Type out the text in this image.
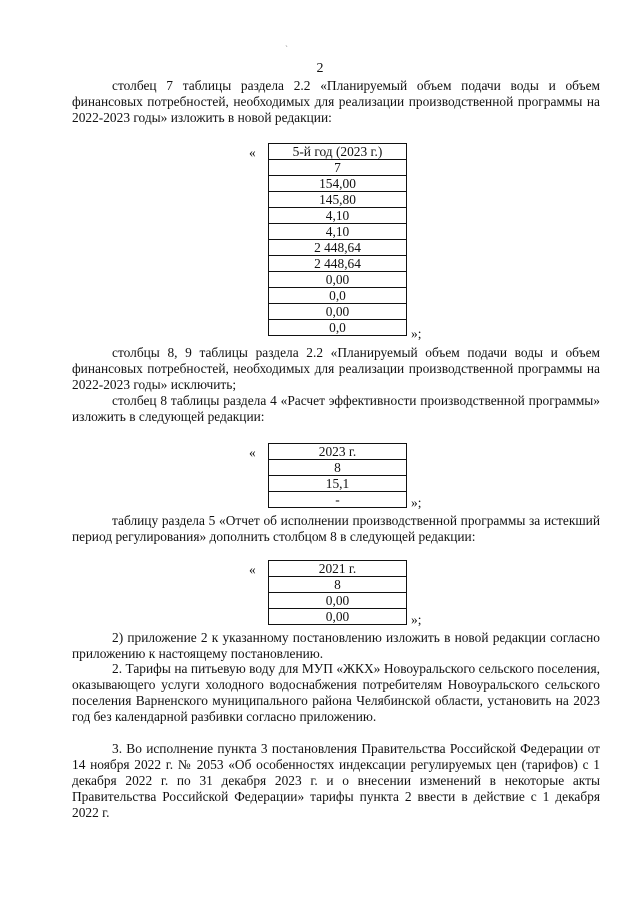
`
2

столбец 7 таблицы раздела 2.2 «Планируемый объем подачи воды и объем финансовых потребностей, необходимых для реализации производственной программы на 2022-2023 годы» изложить в новой редакции:

«	5-й год (2023 г.)
7
154,00
145,80
4,10
4,10
2 448,64
2 448,64
0,00
0,0
0,00
0,0	»;

столбцы 8, 9 таблицы раздела 2.2 «Планируемый объем подачи воды и объем финансовых потребностей, необходимых для реализации производственной программы на 2022-2023 годы» исключить;

столбец 8 таблицы раздела 4 «Расчет эффективности производственной программы» изложить в следующей редакции:

«	2023 г.
8
15,1
-	»;

таблицу раздела 5 «Отчет об исполнении производственной программы за истекший период регулирования» дополнить столбцом 8 в следующей редакции:

«	2021 г.
8
0,00
0,00	»;

2) приложение 2 к указанному постановлению изложить в новой редакции согласно приложению к настоящему постановлению.

2. Тарифы на питьевую воду для МУП «ЖКХ» Новоуральского сельского поселения, оказывающего услуги холодного водоснабжения потребителям Новоуральского сельского поселения Варненского муниципального района Челябинской области, установить на 2023 год без календарной разбивки согласно приложению.

3. Во исполнение пункта 3 постановления Правительства Российской Федерации от 14 ноября 2022 г. № 2053 «Об особенностях индексации регулируемых цен (тарифов) с 1 декабря 2022 г. по 31 декабря 2023 г. и о внесении изменений в некоторые акты Правительства Российской Федерации» тарифы пункта 2 ввести в действие с 1 декабря 2022 г.
